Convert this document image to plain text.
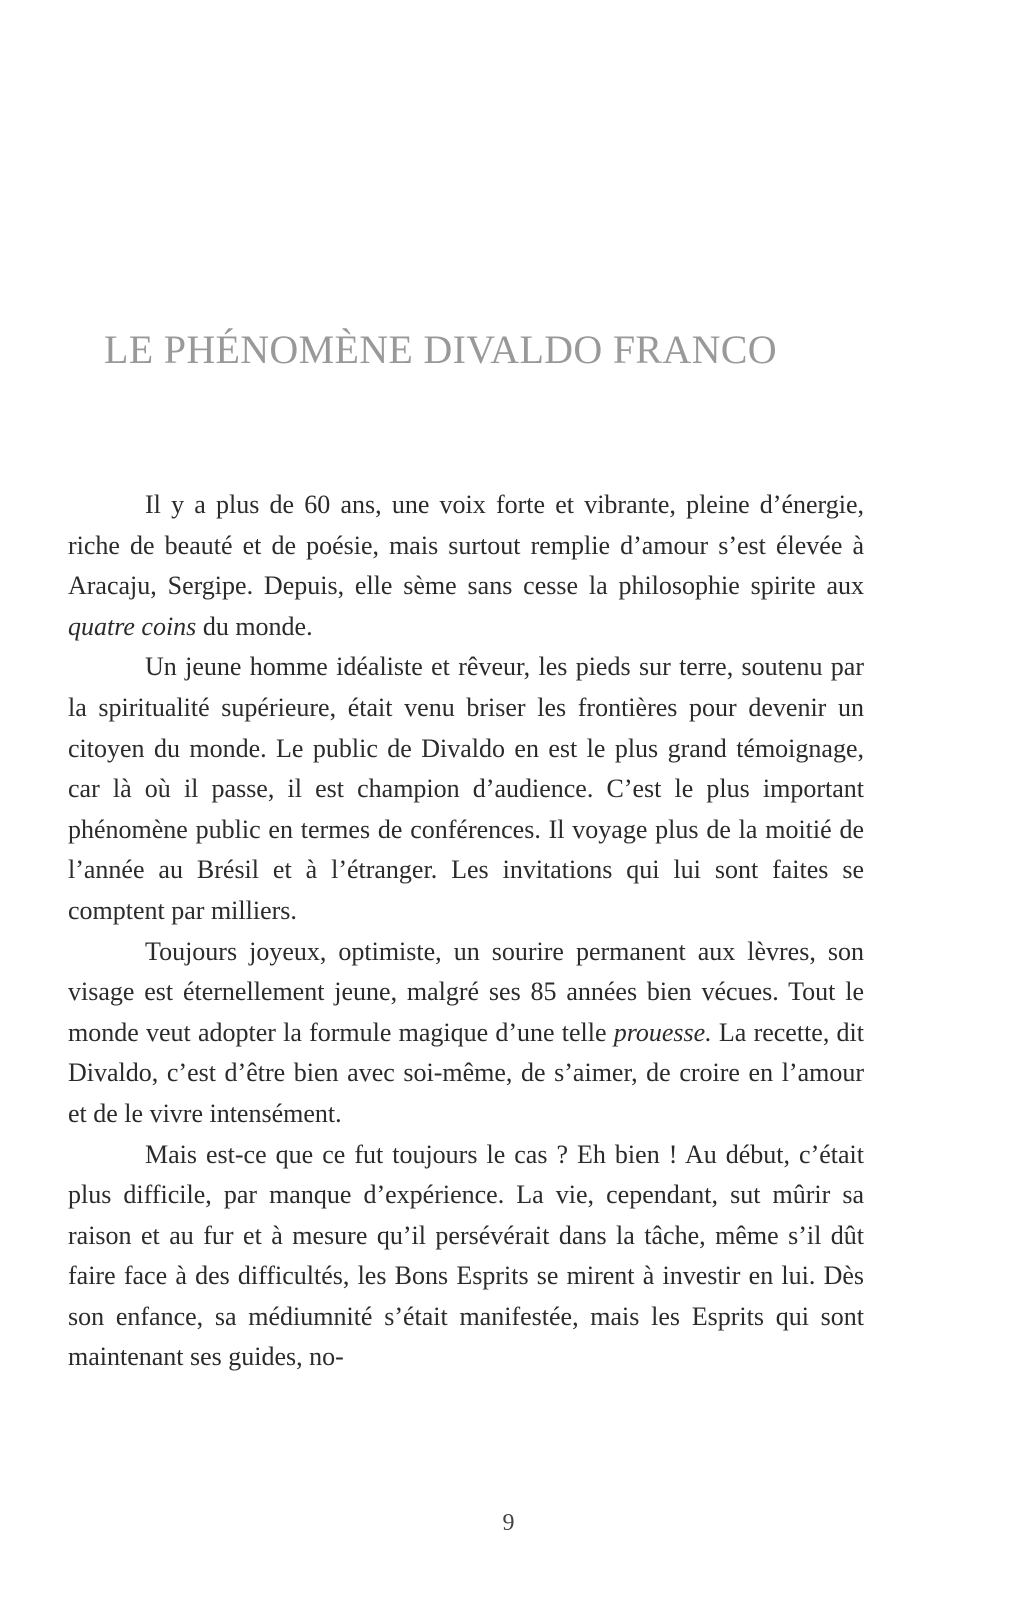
LE PHÉNOMÈNE DIVALDO FRANCO

Il y a plus de 60 ans, une voix forte et vibrante, pleine d’énergie, riche de beauté et de poésie, mais surtout remplie d’amour s’est élevée à Aracaju, Sergipe. Depuis, elle sème sans cesse la philosophie spirite aux quatre coins du monde.

Un jeune homme idéaliste et rêveur, les pieds sur terre, soutenu par la spiritualité supérieure, était venu briser les frontières pour devenir un citoyen du monde. Le public de Divaldo en est le plus grand témoignage, car là où il passe, il est champion d’audience. C’est le plus important phénomène public en termes de conférences. Il voyage plus de la moitié de l’année au Brésil et à l’étranger. Les invitations qui lui sont faites se comptent par milliers.

Toujours joyeux, optimiste, un sourire permanent aux lèvres, son visage est éternellement jeune, malgré ses 85 années bien vécues. Tout le monde veut adopter la formule magique d’une telle prouesse. La recette, dit Divaldo, c’est d’être bien avec soi-même, de s’aimer, de croire en l’amour et de le vivre intensément.

Mais est-ce que ce fut toujours le cas ? Eh bien ! Au début, c’était plus difficile, par manque d’expérience. La vie, cependant, sut mûrir sa raison et au fur et à mesure qu’il persévérait dans la tâche, même s’il dût faire face à des difficultés, les Bons Esprits se mirent à investir en lui. Dès son enfance, sa médiumnité s’était manifestée, mais les Esprits qui sont maintenant ses guides, no-

9
